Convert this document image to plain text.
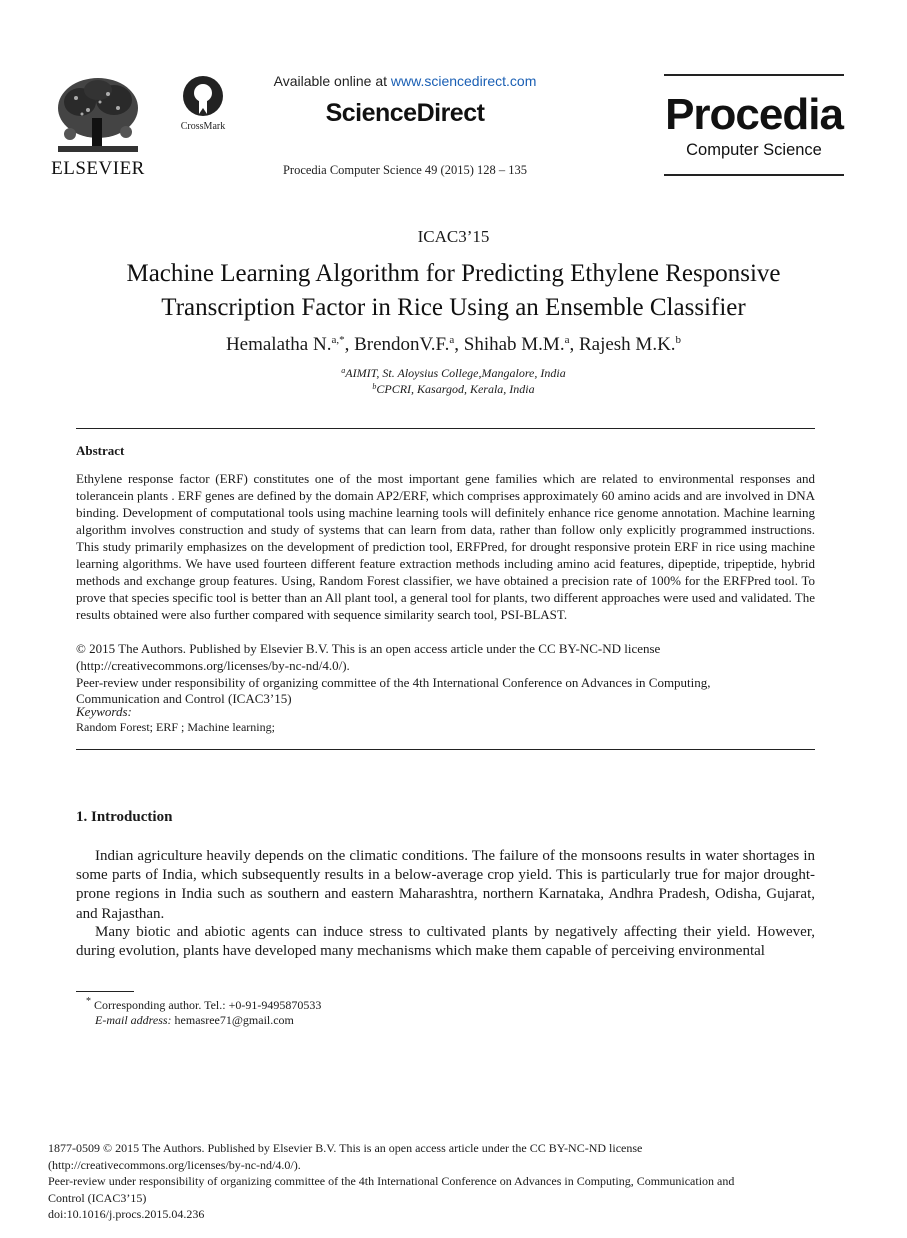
ELSEVIER
CrossMark
Available online at www.sciencedirect.com
ScienceDirect
Procedia Computer Science 49 (2015) 128 – 135
Procedia
Computer Science
ICAC3’15
Machine Learning Algorithm for Predicting Ethylene Responsive
Transcription Factor in Rice Using an Ensemble Classifier
Hemalatha N.$^{a,*}$, BrendonV.F.$^a$, Shihab M.M.$^a$, Rajesh M.K.$^b$
$^a$AIMIT, St. Aloysius College,Mangalore, India
$^b$CPCRI, Kasargod, Kerala, India
Abstract
Ethylene response factor (ERF) constitutes one of the most important gene families which are related to environmental responses and tolerancein plants . ERF genes are defined by the domain AP2/ERF, which comprises approximately 60 amino acids and are involved in DNA binding. Development of computational tools using machine learning tools will definitely enhance rice genome annotation. Machine learning algorithm involves construction and study of systems that can learn from data, rather than follow only explicitly programmed instructions. This study primarily emphasizes on the development of prediction tool, ERFPred, for drought responsive protein ERF in rice using machine learning algorithms. We have used fourteen different feature extraction methods including amino acid features, dipeptide, tripeptide, hybrid methods and exchange group features. Using, Random Forest classifier, we have obtained a precision rate of 100% for the ERFPred tool. To prove that species specific tool is better than an All plant tool, a general tool for plants, two different approaches were used and validated. The results obtained were also further compared with sequence similarity search tool, PSI-BLAST.
© 2015 The Authors. Published by Elsevier B.V. This is an open access article under the CC BY-NC-ND license
(http://creativecommons.org/licenses/by-nc-nd/4.0/).
Peer-review under responsibility of organizing committee of the 4th International Conference on Advances in Computing,
Communication and Control (ICAC3’15)
Keywords:
Random Forest; ERF ; Machine learning;
1. Introduction
Indian agriculture heavily depends on the climatic conditions. The failure of the monsoons results in water shortages in some parts of India, which subsequently results in a below-average crop yield. This is particularly true for major drought-prone regions in India such as southern and eastern Maharashtra, northern Karnataka, Andhra Pradesh, Odisha, Gujarat, and Rajasthan.
Many biotic and abiotic agents can induce stress to cultivated plants by negatively affecting their yield. However, during evolution, plants have developed many mechanisms which make them capable of perceiving environmental
* Corresponding author. Tel.: +0-91-9495870533
E-mail address: hemasree71@gmail.com
1877-0509 © 2015 The Authors. Published by Elsevier B.V. This is an open access article under the CC BY-NC-ND license
(http://creativecommons.org/licenses/by-nc-nd/4.0/).
Peer-review under responsibility of organizing committee of the 4th International Conference on Advances in Computing, Communication and
Control (ICAC3’15)
doi:10.1016/j.procs.2015.04.236
